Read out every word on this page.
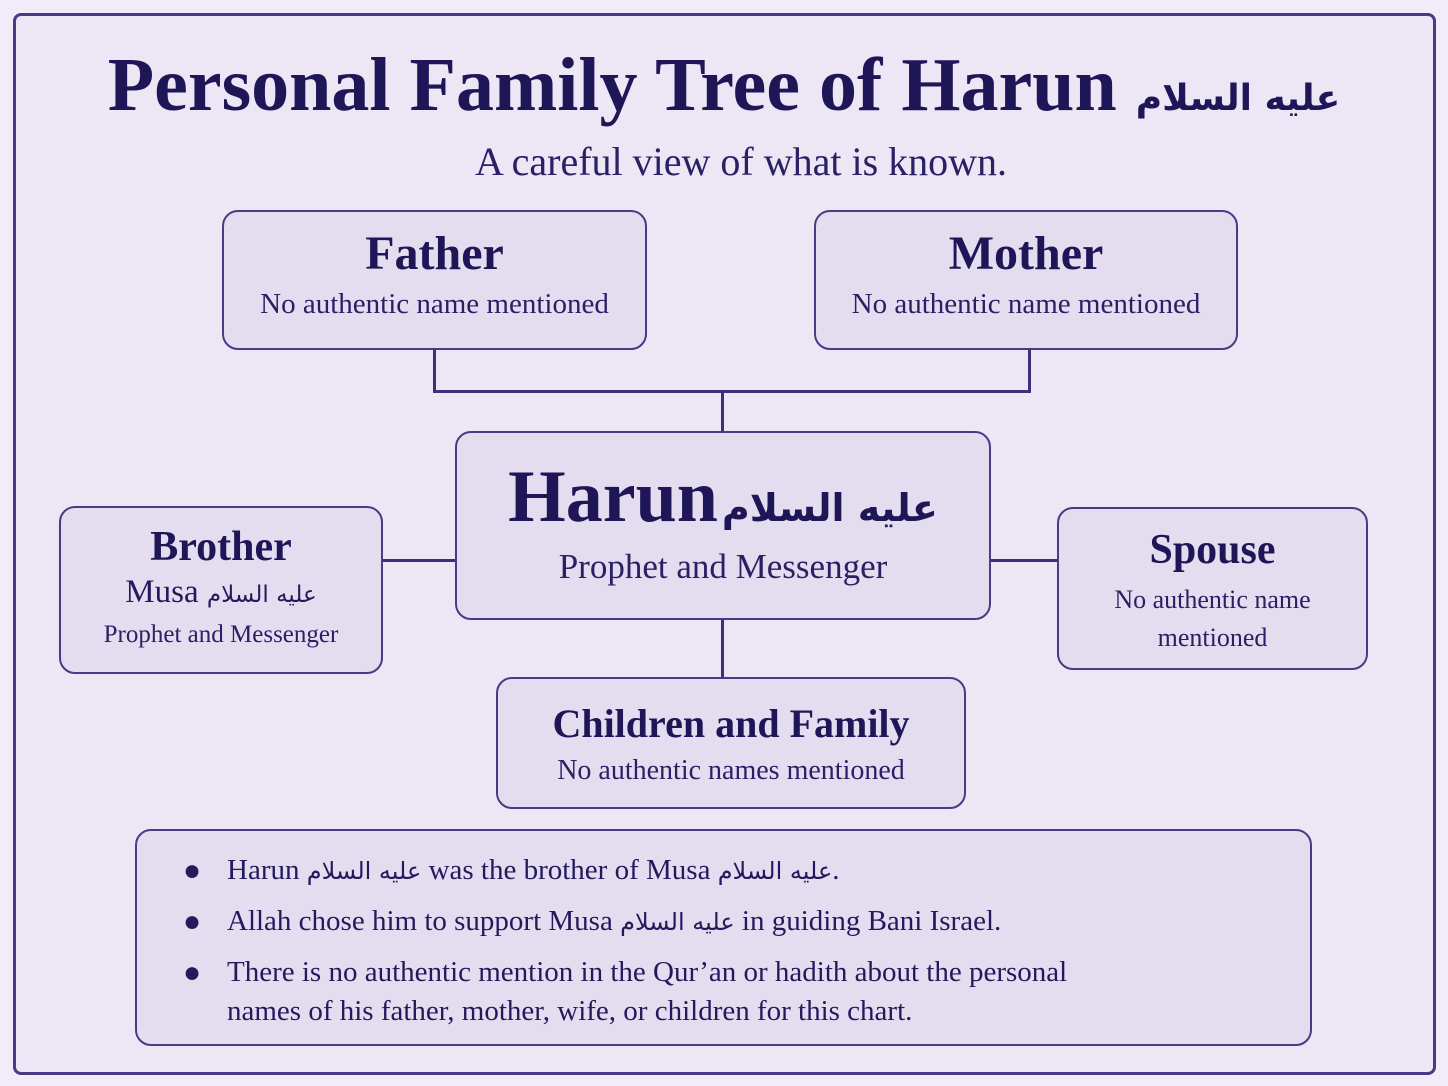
Personal Family Tree of Harun عليه السلام
A careful view of what is known.
Father
No authentic name mentioned
Mother
No authentic name mentioned
Harun عليه السلام
Prophet and Messenger
Brother
Musa عليه السلام
Prophet and Messenger
Spouse
No authentic name
mentioned
Children and Family
No authentic names mentioned
● Harun عليه السلام was the brother of Musa عليه السلام.
● Allah chose him to support Musa عليه السلام in guiding Bani Israel.
● There is no authentic mention in the Qur’an or hadith about the personal
names of his father, mother, wife, or children for this chart.
